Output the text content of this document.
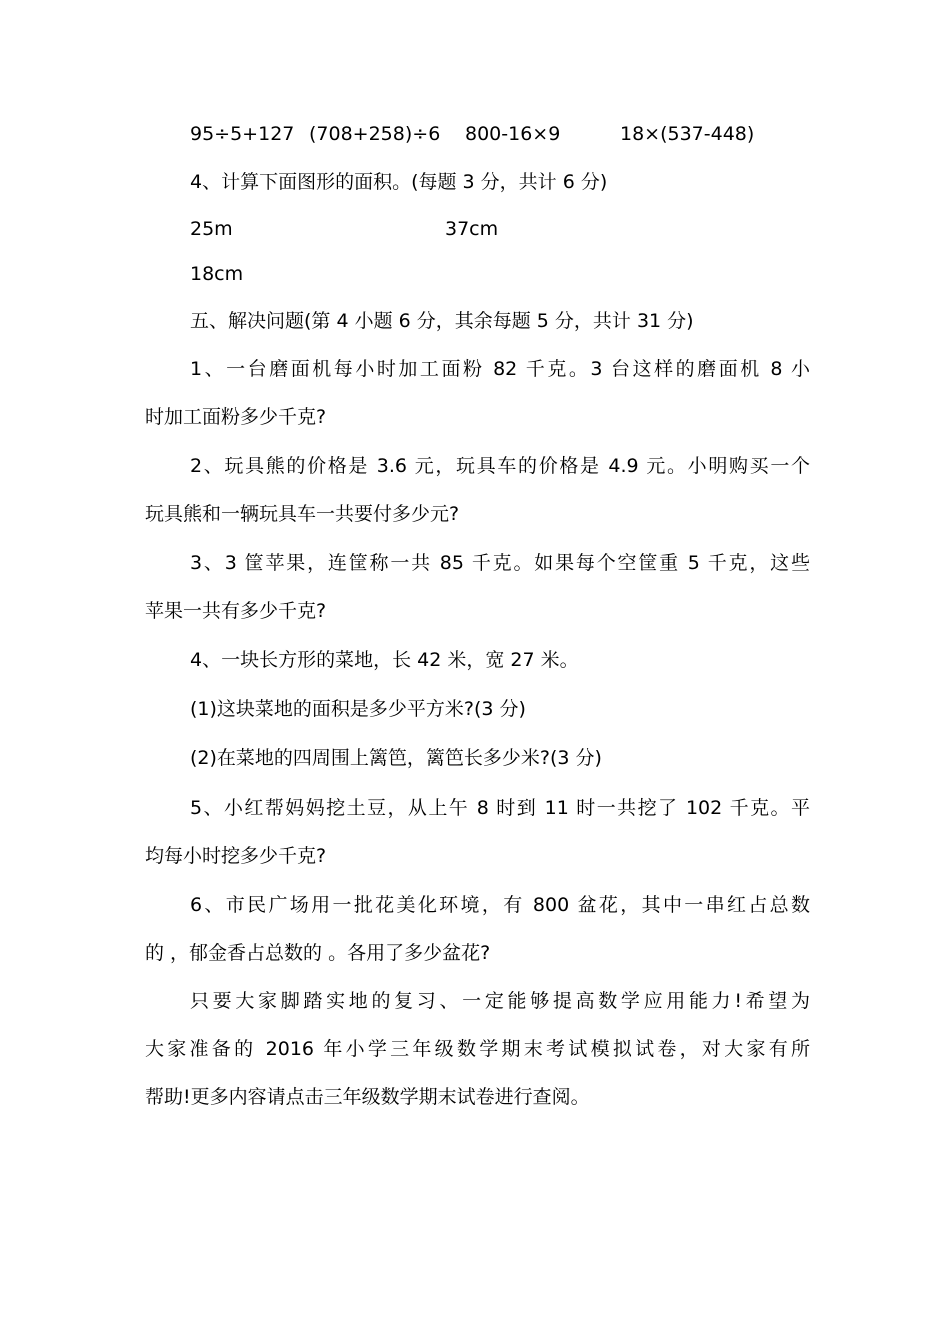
95÷5+127 (708+258)÷6 800-16×9	18×(537-448)
4、计算下面图形的面积。(每题 3 分，共计 6 分)
25m	37cm
18cm
五、解决问题(第 4 小题 6 分，其余每题 5 分，共计 31 分)
1、一台磨面机每小时加工面粉 82 千克。3 台这样的磨面机 8 小
时加工面粉多少千克?
2、玩具熊的价格是 3.6 元，玩具车的价格是 4.9 元。小明购买一个
玩具熊和一辆玩具车一共要付多少元?
3、3 筐苹果，连筐称一共 85 千克。如果每个空筐重 5 千克，这些
苹果一共有多少千克?
4、一块长方形的菜地，长 42 米，宽 27 米。
(1)这块菜地的面积是多少平方米?(3 分)
(2)在菜地的四周围上篱笆，篱笆长多少米?(3 分)
5、小红帮妈妈挖土豆，从上午 8 时到 11 时一共挖了 102 千克。平
均每小时挖多少千克?
6、市民广场用一批花美化环境，有 800 盆花，其中一串红占总数
的 ，郁金香占总数的 。各用了多少盆花?
只要大家脚踏实地的复习、一定能够提高数学应用能力!希望为
大家准备的 2016 年小学三年级数学期末考试模拟试卷，对大家有所
帮助!更多内容请点击三年级数学期末试卷进行查阅。
